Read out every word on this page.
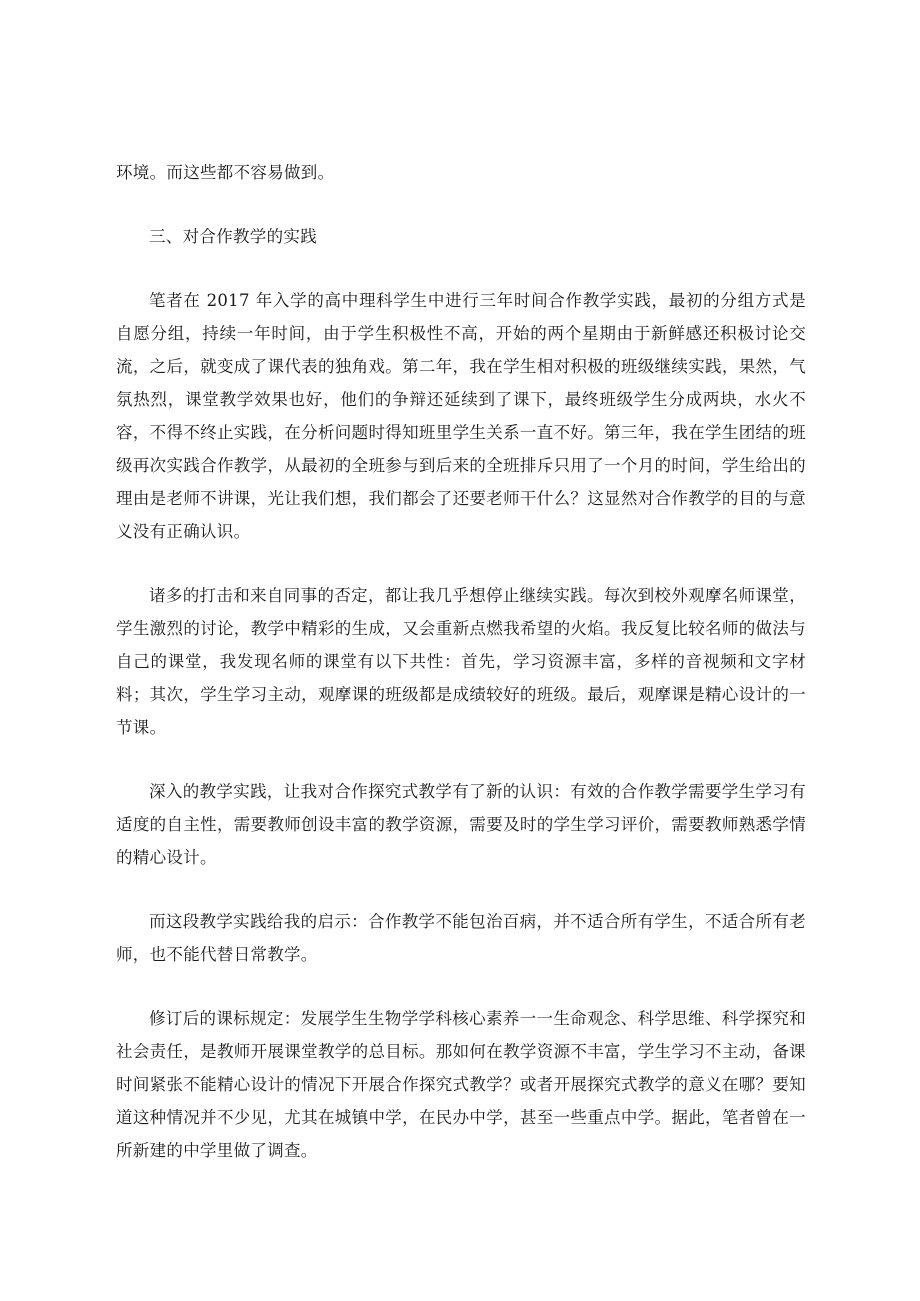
环境。而这些都不容易做到。

三、对合作教学的实践

笔者在 2017 年入学的高中理科学生中进行三年时间合作教学实践，最初的分组方式是自愿分组，持续一年时间，由于学生积极性不高，开始的两个星期由于新鲜感还积极讨论交流，之后，就变成了课代表的独角戏。第二年，我在学生相对积极的班级继续实践，果然，气氛热烈，课堂教学效果也好，他们的争辩还延续到了课下，最终班级学生分成两块，水火不容，不得不终止实践，在分析问题时得知班里学生关系一直不好。第三年，我在学生团结的班级再次实践合作教学，从最初的全班参与到后来的全班排斥只用了一个月的时间，学生给出的理由是老师不讲课，光让我们想，我们都会了还要老师干什么？这显然对合作教学的目的与意义没有正确认识。

诸多的打击和来自同事的否定，都让我几乎想停止继续实践。每次到校外观摩名师课堂，学生激烈的讨论，教学中精彩的生成，又会重新点燃我希望的火焰。我反复比较名师的做法与自己的课堂，我发现名师的课堂有以下共性：首先，学习资源丰富，多样的音视频和文字材料；其次，学生学习主动，观摩课的班级都是成绩较好的班级。最后，观摩课是精心设计的一节课。

深入的教学实践，让我对合作探究式教学有了新的认识：有效的合作教学需要学生学习有适度的自主性，需要教师创设丰富的教学资源，需要及时的学生学习评价，需要教师熟悉学情的精心设计。

而这段教学实践给我的启示：合作教学不能包治百病，并不适合所有学生，不适合所有老师，也不能代替日常教学。

修订后的课标规定：发展学生生物学学科核心素养一一生命观念、科学思维、科学探究和社会责任，是教师开展课堂教学的总目标。那如何在教学资源不丰富，学生学习不主动，备课时间紧张不能精心设计的情况下开展合作探究式教学？或者开展探究式教学的意义在哪？要知道这种情况并不少见，尤其在城镇中学，在民办中学，甚至一些重点中学。据此，笔者曾在一所新建的中学里做了调查。
